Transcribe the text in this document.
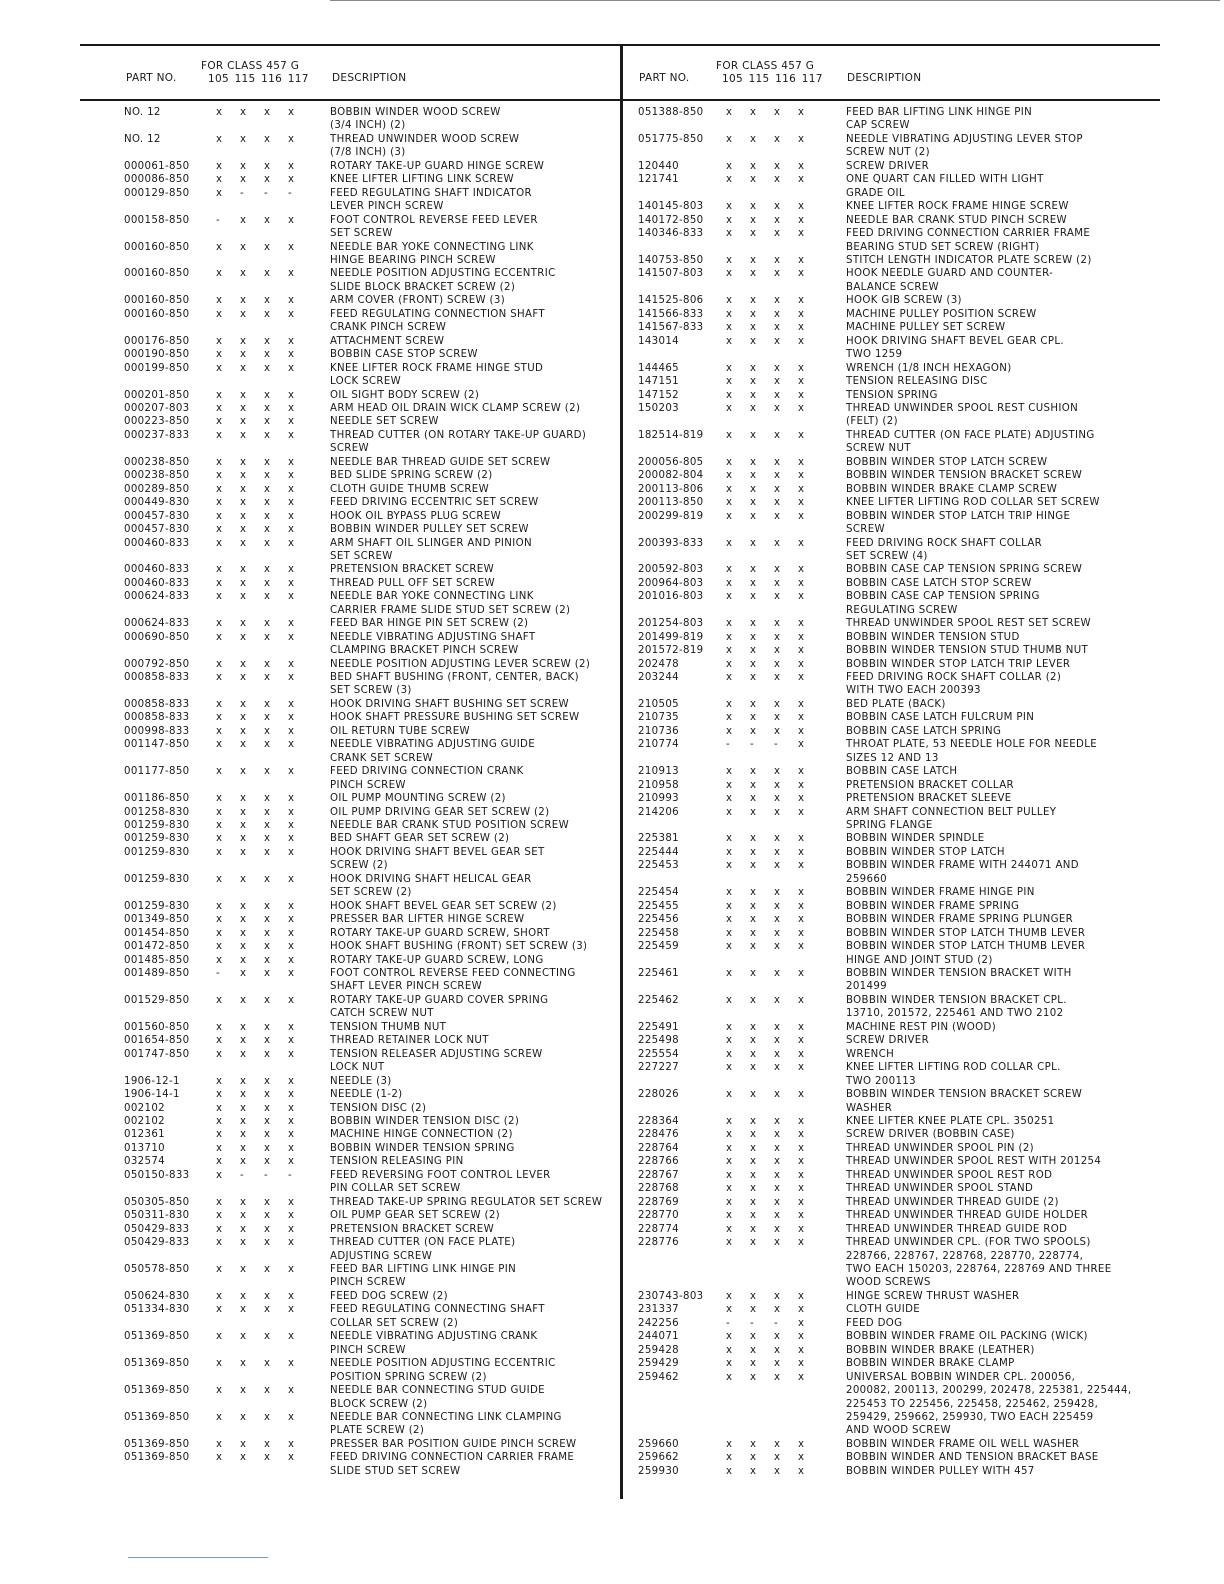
PART NO.
FOR CLASS 457 G
105 115 116 117 DESCRIPTION	PART NO.
FOR CLASS 457 G
105 115 116 117 DESCRIPTION
NO. 12	x	x	x	x	BOBBIN WINDER WOOD SCREW
(3/4 INCH) (2)
NO. 12	x	x	x	x	THREAD UNWINDER WOOD SCREW
(7/8 INCH) (3)
000061-850	x	x	x	x	ROTARY TAKE-UP GUARD HINGE SCREW
000086-850	x	x	x	x	KNEE LIFTER LIFTING LINK SCREW
000129-850	x	-	-	-	FEED REGULATING SHAFT INDICATOR
LEVER PINCH SCREW
000158-850	-	x	x	x	FOOT CONTROL REVERSE FEED LEVER
SET SCREW
000160-850	x	x	x	x	NEEDLE BAR YOKE CONNECTING LINK
HINGE BEARING PINCH SCREW
000160-850	x	x	x	x	NEEDLE POSITION ADJUSTING ECCENTRIC
SLIDE BLOCK BRACKET SCREW (2)
000160-850	x	x	x	x	ARM COVER (FRONT) SCREW (3)
000160-850	x	x	x	x	FEED REGULATING CONNECTION SHAFT
CRANK PINCH SCREW
000176-850	x	x	x	x	ATTACHMENT SCREW
000190-850	x	x	x	x	BOBBIN CASE STOP SCREW
000199-850	x	x	x	x	KNEE LIFTER ROCK FRAME HINGE STUD
LOCK SCREW
000201-850	x	x	x	x	OIL SIGHT BODY SCREW (2)
000207-803	x	x	x	x	ARM HEAD OIL DRAIN WICK CLAMP SCREW (2)
000223-850	x	x	x	x	NEEDLE SET SCREW
000237-833	x	x	x	x	THREAD CUTTER (ON ROTARY TAKE-UP GUARD)
SCREW
000238-850	x	x	x	x	NEEDLE BAR THREAD GUIDE SET SCREW
000238-850	x	x	x	x	BED SLIDE SPRING SCREW (2)
000289-850	x	x	x	x	CLOTH GUIDE THUMB SCREW
000449-830	x	x	x	x	FEED DRIVING ECCENTRIC SET SCREW
000457-830	x	x	x	x	HOOK OIL BYPASS PLUG SCREW
000457-830	x	x	x	x	BOBBIN WINDER PULLEY SET SCREW
000460-833	x	x	x	x	ARM SHAFT OIL SLINGER AND PINION
SET SCREW
000460-833	x	x	x	x	PRETENSION BRACKET SCREW
000460-833	x	x	x	x	THREAD PULL OFF SET SCREW
000624-833	x	x	x	x	NEEDLE BAR YOKE CONNECTING LINK
CARRIER FRAME SLIDE STUD SET SCREW (2)
000624-833	x	x	x	x	FEED BAR HINGE PIN SET SCREW (2)
000690-850	x	x	x	x	NEEDLE VIBRATING ADJUSTING SHAFT
CLAMPING BRACKET PINCH SCREW
000792-850	x	x	x	x	NEEDLE POSITION ADJUSTING LEVER SCREW (2)
000858-833	x	x	x	x	BED SHAFT BUSHING (FRONT, CENTER, BACK)
SET SCREW (3)
000858-833	x	x	x	x	HOOK DRIVING SHAFT BUSHING SET SCREW
000858-833	x	x	x	x	HOOK SHAFT PRESSURE BUSHING SET SCREW
000998-833	x	x	x	x	OIL RETURN TUBE SCREW
001147-850	x	x	x	x	NEEDLE VIBRATING ADJUSTING GUIDE
CRANK SET SCREW
001177-850	x	x	x	x	FEED DRIVING CONNECTION CRANK
PINCH SCREW
001186-850	x	x	x	x	OIL PUMP MOUNTING SCREW (2)
001258-830	x	x	x	x	OIL PUMP DRIVING GEAR SET SCREW (2)
001259-830	x	x	x	x	NEEDLE BAR CRANK STUD POSITION SCREW
001259-830	x	x	x	x	BED SHAFT GEAR SET SCREW (2)
001259-830	x	x	x	x	HOOK DRIVING SHAFT BEVEL GEAR SET
SCREW (2)
001259-830	x	x	x	x	HOOK DRIVING SHAFT HELICAL GEAR
SET SCREW (2)
001259-830	x	x	x	x	HOOK SHAFT BEVEL GEAR SET SCREW (2)
001349-850	x	x	x	x	PRESSER BAR LIFTER HINGE SCREW
001454-850	x	x	x	x	ROTARY TAKE-UP GUARD SCREW, SHORT
001472-850	x	x	x	x	HOOK SHAFT BUSHING (FRONT) SET SCREW (3)
001485-850	x	x	x	x	ROTARY TAKE-UP GUARD SCREW, LONG
001489-850	-	x	x	x	FOOT CONTROL REVERSE FEED CONNECTING
SHAFT LEVER PINCH SCREW
001529-850	x	x	x	x	ROTARY TAKE-UP GUARD COVER SPRING
CATCH SCREW NUT
001560-850	x	x	x	x	TENSION THUMB NUT
001654-850	x	x	x	x	THREAD RETAINER LOCK NUT
001747-850	x	x	x	x	TENSION RELEASER ADJUSTING SCREW
LOCK NUT
1906-12-1	x	x	x	x	NEEDLE (3)
1906-14-1	x	x	x	x	NEEDLE (1-2)
002102	x	x	x	x	TENSION DISC (2)
002102	x	x	x	x	BOBBIN WINDER TENSION DISC (2)
012361	x	x	x	x	MACHINE HINGE CONNECTION (2)
013710	x	x	x	x	BOBBIN WINDER TENSION SPRING
032574	x	x	x	x	TENSION RELEASING PIN
050150-833	x	-	-	-	FEED REVERSING FOOT CONTROL LEVER
PIN COLLAR SET SCREW
050305-850	x	x	x	x	THREAD TAKE-UP SPRING REGULATOR SET SCREW
050311-830	x	x	x	x	OIL PUMP GEAR SET SCREW (2)
050429-833	x	x	x	x	PRETENSION BRACKET SCREW
050429-833	x	x	x	x	THREAD CUTTER (ON FACE PLATE)
ADJUSTING SCREW
050578-850	x	x	x	x	FEED BAR LIFTING LINK HINGE PIN
PINCH SCREW
050624-830	x	x	x	x	FEED DOG SCREW (2)
051334-830	x	x	x	x	FEED REGULATING CONNECTING SHAFT
COLLAR SET SCREW (2)
051369-850	x	x	x	x	NEEDLE VIBRATING ADJUSTING CRANK
PINCH SCREW
051369-850	x	x	x	x	NEEDLE POSITION ADJUSTING ECCENTRIC
POSITION SPRING SCREW (2)
051369-850	x	x	x	x	NEEDLE BAR CONNECTING STUD GUIDE
BLOCK SCREW (2)
051369-850	x	x	x	x	NEEDLE BAR CONNECTING LINK CLAMPING
PLATE SCREW (2)
051369-850	x	x	x	x	PRESSER BAR POSITION GUIDE PINCH SCREW
051369-850	x	x	x	x	FEED DRIVING CONNECTION CARRIER FRAME
SLIDE STUD SET SCREW
051388-850 x	x	x	x	FEED BAR LIFTING LINK HINGE PIN
CAP SCREW
051775-850 x	x	x	x	NEEDLE VIBRATING ADJUSTING LEVER STOP
SCREW NUT (2)
120440	x	x	x	x	SCREW DRIVER
121741	x	x	x	x	ONE QUART CAN FILLED WITH LIGHT
GRADE OIL
140145-803 x	x	x	x	KNEE LIFTER ROCK FRAME HINGE SCREW
140172-850 x	x	x	x	NEEDLE BAR CRANK STUD PINCH SCREW
140346-833 x	x	x	x	FEED DRIVING CONNECTION CARRIER FRAME
BEARING STUD SET SCREW (RIGHT)
140753-850 x	x	x	x	STITCH LENGTH INDICATOR PLATE SCREW (2)
141507-803 x	x	x	x	HOOK NEEDLE GUARD AND COUNTER-
BALANCE SCREW
141525-806 x	x	x	x	HOOK GIB SCREW (3)
141566-833 x	x	x	x	MACHINE PULLEY POSITION SCREW
141567-833 x	x	x	x	MACHINE PULLEY SET SCREW
143014	x	x	x	x	HOOK DRIVING SHAFT BEVEL GEAR CPL.
TWO 1259
144465	x	x	x	x	WRENCH (1/8 INCH HEXAGON)
147151	x	x	x	x	TENSION RELEASING DISC
147152	x	x	x	x	TENSION SPRING
150203	x	x	x	x	THREAD UNWINDER SPOOL REST CUSHION
(FELT) (2)
182514-819 x	x	x	x	THREAD CUTTER (ON FACE PLATE) ADJUSTING
SCREW NUT
200056-805 x	x	x	x	BOBBIN WINDER STOP LATCH SCREW
200082-804 x	x	x	x	BOBBIN WINDER TENSION BRACKET SCREW
200113-806 x	x	x	x	BOBBIN WINDER BRAKE CLAMP SCREW
200113-850 x	x	x	x	KNEE LIFTER LIFTING ROD COLLAR SET SCREW
200299-819 x	x	x	x	BOBBIN WINDER STOP LATCH TRIP HINGE
SCREW
200393-833 x	x	x	x	FEED DRIVING ROCK SHAFT COLLAR
SET SCREW (4)
200592-803 x	x	x	x	BOBBIN CASE CAP TENSION SPRING SCREW
200964-803 x	x	x	x	BOBBIN CASE LATCH STOP SCREW
201016-803 x	x	x	x	BOBBIN CASE CAP TENSION SPRING
REGULATING SCREW
201254-803 x	x	x	x	THREAD UNWINDER SPOOL REST SET SCREW
201499-819 x	x	x	x	BOBBIN WINDER TENSION STUD
201572-819 x	x	x	x	BOBBIN WINDER TENSION STUD THUMB NUT
202478	x	x	x	x	BOBBIN WINDER STOP LATCH TRIP LEVER
203244	x	x	x	x	FEED DRIVING ROCK SHAFT COLLAR (2)
WITH TWO EACH 200393
210505	x	x	x	x	BED PLATE (BACK)
210735	x	x	x	x	BOBBIN CASE LATCH FULCRUM PIN
210736	x	x	x	x	BOBBIN CASE LATCH SPRING
210774	-	-	-	x	THROAT PLATE, 53 NEEDLE HOLE FOR NEEDLE
SIZES 12 AND 13
210913	x	x	x	x	BOBBIN CASE LATCH
210958	x	x	x	x	PRETENSION BRACKET COLLAR
210993	x	x	x	x	PRETENSION BRACKET SLEEVE
214206	x	x	x	x	ARM SHAFT CONNECTION BELT PULLEY
SPRING FLANGE
225381	x	x	x	x	BOBBIN WINDER SPINDLE
225444	x	x	x	x	BOBBIN WINDER STOP LATCH
225453	x	x	x	x	BOBBIN WINDER FRAME WITH 244071 AND
259660
225454	x	x	x	x	BOBBIN WINDER FRAME HINGE PIN
225455	x	x	x	x	BOBBIN WINDER FRAME SPRING
225456	x	x	x	x	BOBBIN WINDER FRAME SPRING PLUNGER
225458	x	x	x	x	BOBBIN WINDER STOP LATCH THUMB LEVER
225459	x	x	x	x	BOBBIN WINDER STOP LATCH THUMB LEVER
HINGE AND JOINT STUD (2)
225461	x	x	x	x	BOBBIN WINDER TENSION BRACKET WITH
201499
225462	x	x	x	x	BOBBIN WINDER TENSION BRACKET CPL.
13710, 201572, 225461 AND TWO 2102
225491	x	x	x	x	MACHINE REST PIN (WOOD)
225498	x	x	x	x	SCREW DRIVER
225554	x	x	x	x	WRENCH
227227	x	x	x	x	KNEE LIFTER LIFTING ROD COLLAR CPL.
TWO 200113
228026	x	x	x	x	BOBBIN WINDER TENSION BRACKET SCREW
WASHER
228364	x	x	x	x	KNEE LIFTER KNEE PLATE CPL. 350251
228476	x	x	x	x	SCREW DRIVER (BOBBIN CASE)
228764	x	x	x	x	THREAD UNWINDER SPOOL PIN (2)
228766	x	x	x	x	THREAD UNWINDER SPOOL REST WITH 201254
228767	x	x	x	x	THREAD UNWINDER SPOOL REST ROD
228768	x	x	x	x	THREAD UNWINDER SPOOL STAND
228769	x	x	x	x	THREAD UNWINDER THREAD GUIDE (2)
228770	x	x	x	x	THREAD UNWINDER THREAD GUIDE HOLDER
228774	x	x	x	x	THREAD UNWINDER THREAD GUIDE ROD
228776	x	x	x	x	THREAD UNWINDER CPL. (FOR TWO SPOOLS)
228766, 228767, 228768, 228770, 228774,
TWO EACH 150203, 228764, 228769 AND THREE
WOOD SCREWS
230743-803 x	x	x	x	HINGE SCREW THRUST WASHER
231337	x	x	x	x	CLOTH GUIDE
242256	-	-	-	x	FEED DOG
244071	x	x	x	x	BOBBIN WINDER FRAME OIL PACKING (WICK)
259428	x	x	x	x	BOBBIN WINDER BRAKE (LEATHER)
259429	x	x	x	x	BOBBIN WINDER BRAKE CLAMP
259462	x	x	x	x	UNIVERSAL BOBBIN WINDER CPL. 200056,
200082, 200113, 200299, 202478, 225381, 225444,
225453 TO 225456, 225458, 225462, 259428,
259429, 259662, 259930, TWO EACH 225459
AND WOOD SCREW
259660	x	x	x	x	BOBBIN WINDER FRAME OIL WELL WASHER
259662	x	x	x	x	BOBBIN WINDER AND TENSION BRACKET BASE
259930	x	x	x	x	BOBBIN WINDER PULLEY WITH 457
